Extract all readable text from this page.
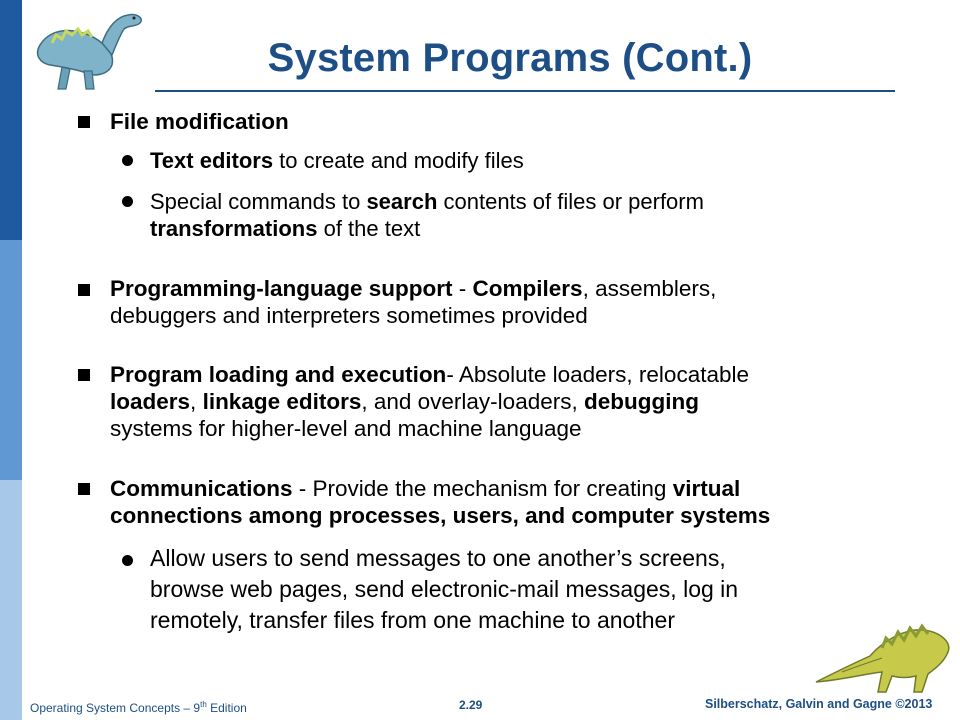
System Programs (Cont.)
File modification
Text editors to create and modify files
Special commands to search contents of files or perform
transformations of the text
Programming-language support - Compilers, assemblers,
debuggers and interpreters sometimes provided
Program loading and execution- Absolute loaders, relocatable
loaders, linkage editors, and overlay-loaders, debugging
systems for higher-level and machine language
Communications - Provide the mechanism for creating virtual
connections among processes, users, and computer systems
Allow users to send messages to one another’s screens,
browse web pages, send electronic-mail messages, log in
remotely, transfer files from one machine to another
Operating System Concepts – 9th Edition	2.29	Silberschatz, Galvin and Gagne ©2013
